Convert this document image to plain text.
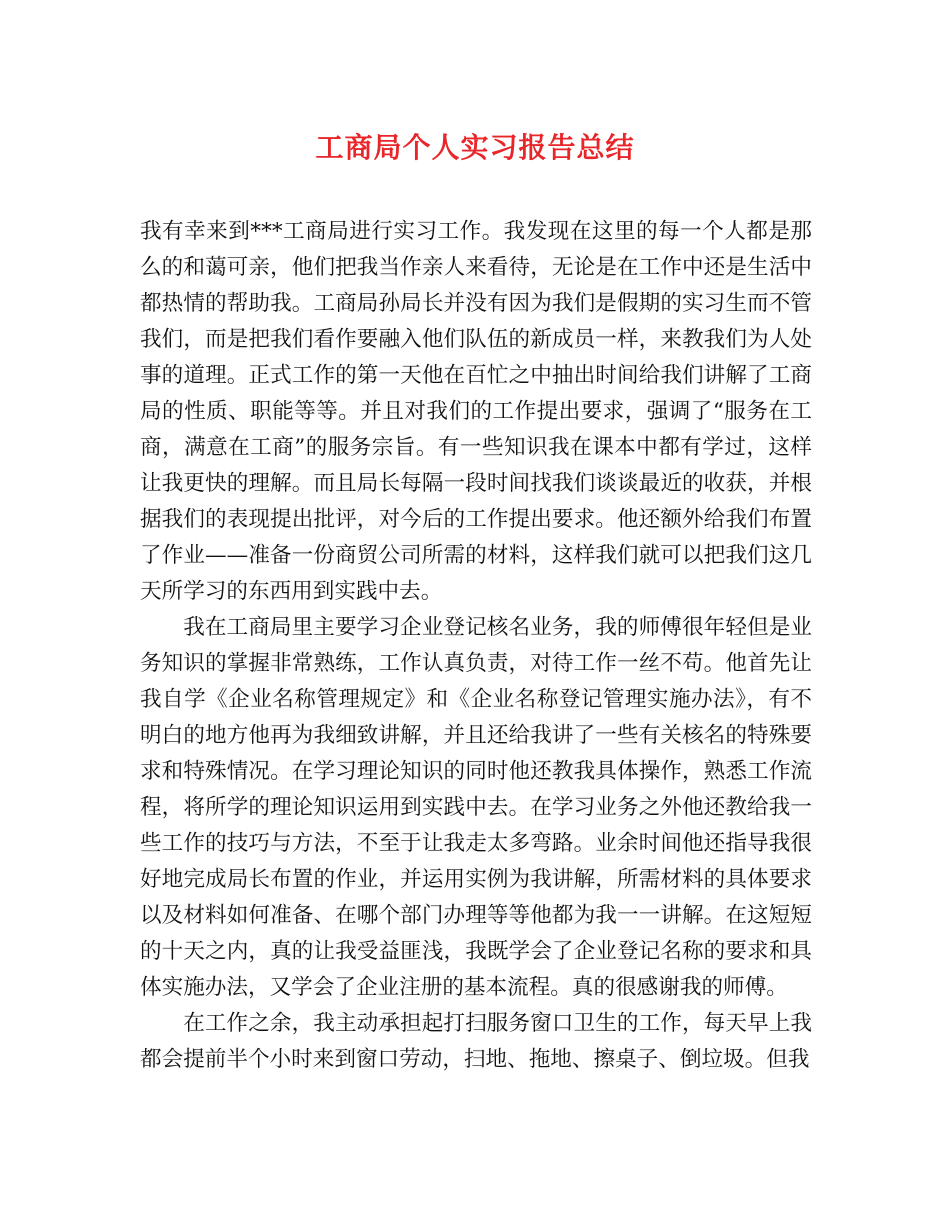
工商局个人实习报告总结

我有幸来到***工商局进行实习工作。我发现在这里的每一个人都是那么的和蔼可亲，他们把我当作亲人来看待，无论是在工作中还是生活中都热情的帮助我。工商局孙局长并没有因为我们是假期的实习生而不管我们，而是把我们看作要融入他们队伍的新成员一样，来教我们为人处事的道理。正式工作的第一天他在百忙之中抽出时间给我们讲解了工商局的性质、职能等等。并且对我们的工作提出要求，强调了“服务在工商，满意在工商”的服务宗旨。有一些知识我在课本中都有学过，这样让我更快的理解。而且局长每隔一段时间找我们谈谈最近的收获，并根据我们的表现提出批评，对今后的工作提出要求。他还额外给我们布置了作业——准备一份商贸公司所需的材料，这样我们就可以把我们这几天所学习的东西用到实践中去。

我在工商局里主要学习企业登记核名业务，我的师傅很年轻但是业务知识的掌握非常熟练，工作认真负责，对待工作一丝不苟。他首先让我自学《企业名称管理规定》和《企业名称登记管理实施办法》，有不明白的地方他再为我细致讲解，并且还给我讲了一些有关核名的特殊要求和特殊情况。在学习理论知识的同时他还教我具体操作，熟悉工作流程，将所学的理论知识运用到实践中去。在学习业务之外他还教给我一些工作的技巧与方法，不至于让我走太多弯路。业余时间他还指导我很好地完成局长布置的作业，并运用实例为我讲解，所需材料的具体要求以及材料如何准备、在哪个部门办理等等他都为我一一讲解。在这短短的十天之内，真的让我受益匪浅，我既学会了企业登记名称的要求和具体实施办法，又学会了企业注册的基本流程。真的很感谢我的师傅。

在工作之余，我主动承担起打扫服务窗口卫生的工作，每天早上我都会提前半个小时来到窗口劳动，扫地、拖地、擦桌子、倒垃圾。但我
